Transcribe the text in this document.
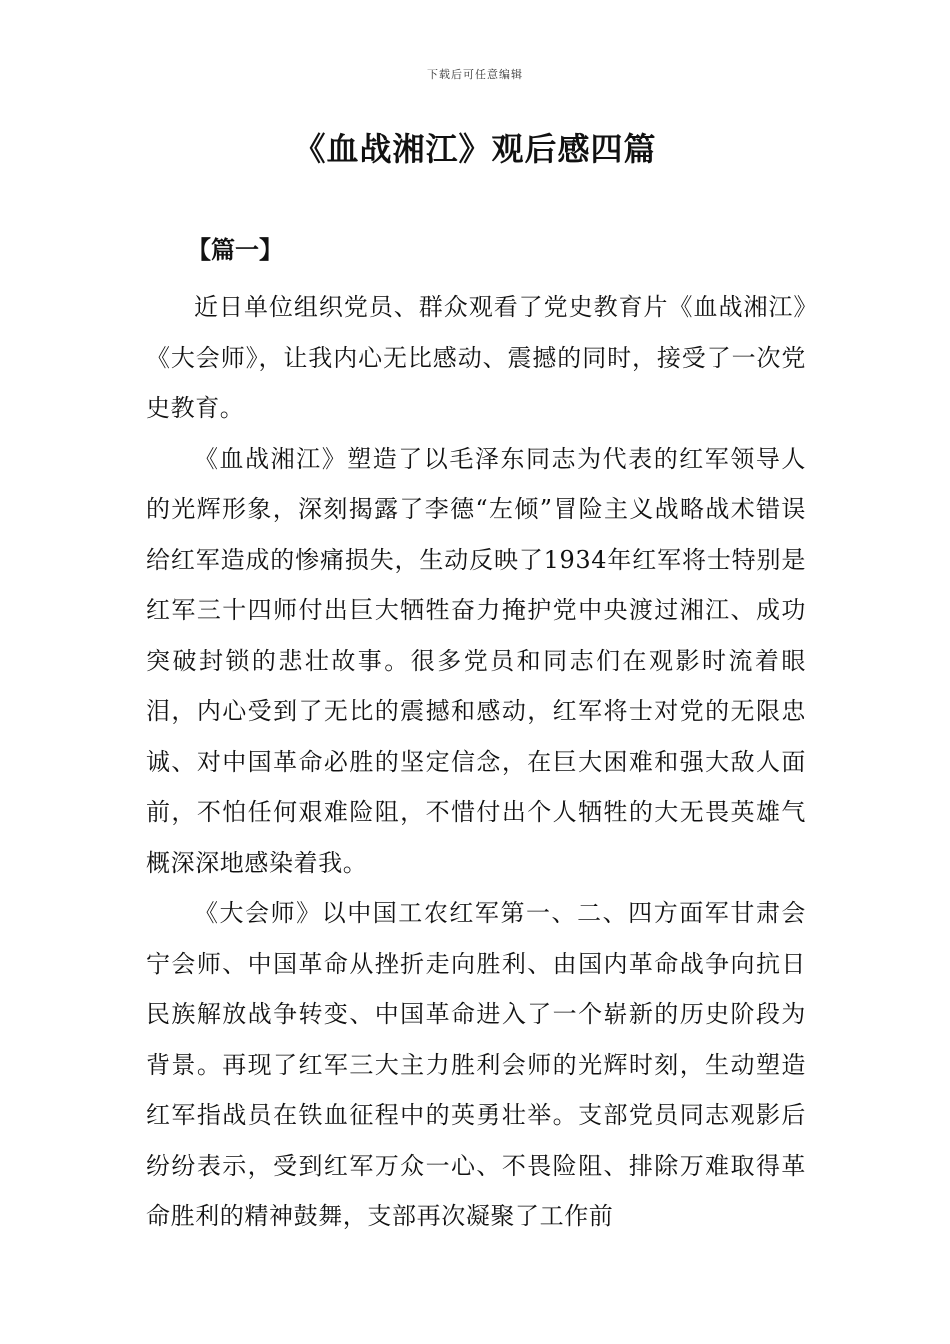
下载后可任意编辑
《血战湘江》观后感四篇
【篇一】

近日单位组织党员、群众观看了党史教育片《血战湘江》《大会师》，让我内心无比感动、震撼的同时，接受了一次党史教育。

《血战湘江》塑造了以毛泽东同志为代表的红军领导人的光辉形象，深刻揭露了李德“左倾”冒险主义战略战术错误给红军造成的惨痛损失，生动反映了1934年红军将士特别是红军三十四师付出巨大牺牲奋力掩护党中央渡过湘江、成功突破封锁的悲壮故事。很多党员和同志们在观影时流着眼泪，内心受到了无比的震撼和感动，红军将士对党的无限忠诚、对中国革命必胜的坚定信念，在巨大困难和强大敌人面前，不怕任何艰难险阻，不惜付出个人牺牲的大无畏英雄气概深深地感染着我。

《大会师》以中国工农红军第一、二、四方面军甘肃会宁会师、中国革命从挫折走向胜利、由国内革命战争向抗日民族解放战争转变、中国革命进入了一个崭新的历史阶段为背景。再现了红军三大主力胜利会师的光辉时刻，生动塑造红军指战员在铁血征程中的英勇壮举。支部党员同志观影后纷纷表示，受到红军万众一心、不畏险阻、排除万难取得革命胜利的精神鼓舞，支部再次凝聚了工作前
